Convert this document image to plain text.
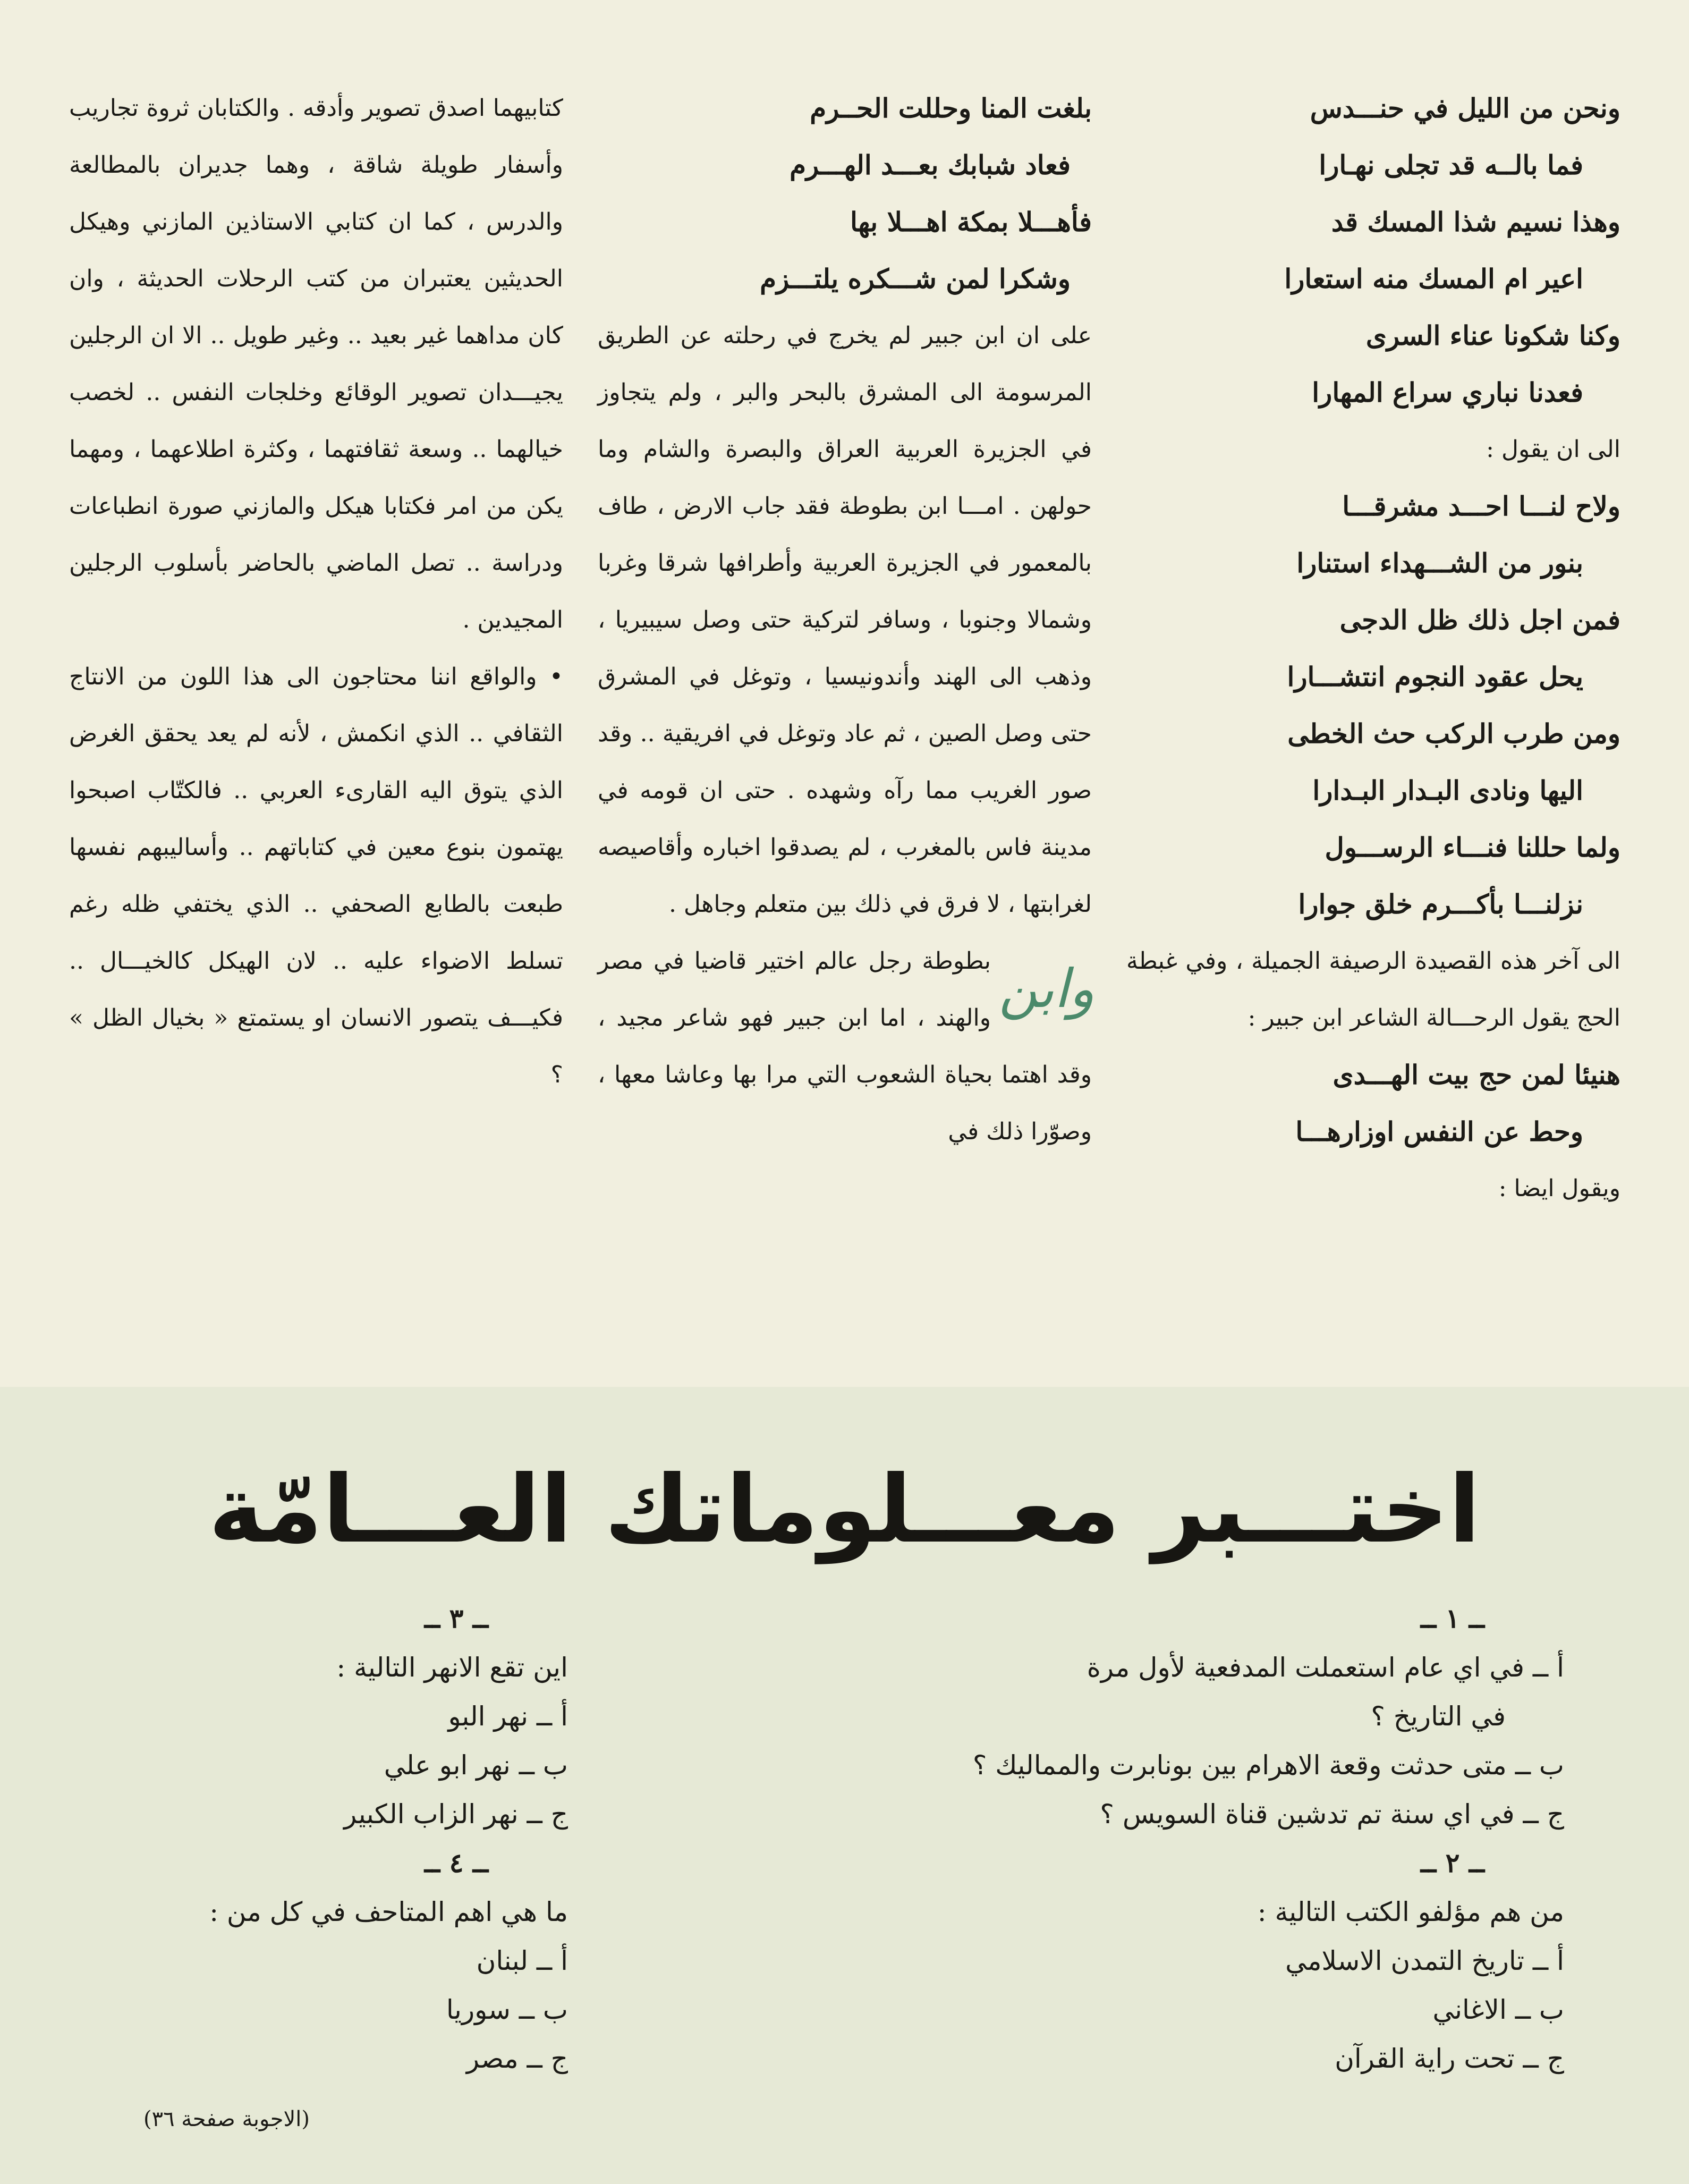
ونحن من الليل في حنـــدس

فما بالــه قد تجلى نهـارا

وهذا نسيم شذا المسك قد

اعير ام المسك منه استعارا

وكنا شكونا عناء السرى

فعدنا نباري سراع المهارا

الى ان يقول :

ولاح لنـــا احـــد مشرقـــا

بنور من الشـــهداء استنارا

فمن اجل ذلك ظل الدجى

يحل عقود النجوم انتشـــارا

ومن طرب الركب حث الخطى

اليها ونادى البـدار البـدارا

ولما حللنا فنـــاء الرســـول

نزلنـــا بأكـــرم خلق جوارا

الى آخر هذه القصيدة الرصيفة الجميلة ، وفي غبطة الحج يقول الرحـــالة الشاعر ابن جبير :

هنيئا لمن حج بيت الهـــدى

وحط عن النفس اوزارهـــا

ويقول ايضا :

بلغت المنا وحللت الحــرم

فعاد شبابك بعـــد الهـــرم

فأهـــلا بمكة اهـــلا بها

وشكرا لمن شـــكره يلتـــزم

على ان ابن جبير لم يخرج في رحلته عن الطريق المرسومة الى المشرق بالبحر والبر ، ولم يتجاوز في الجزيرة العربية العراق والبصرة والشام وما حولهن . امـــا ابن بطوطة فقد جاب الارض ، طاف بالمعمور في الجزيرة العربية وأطرافها شرقا وغربا وشمالا وجنوبا ، وسافر لتركية حتى وصل سيبيريا ، وذهب الى الهند وأندونيسيا ، وتوغل في المشرق حتى وصل الصين ، ثم عاد وتوغل في افريقية .. وقد صور الغريب مما رآه وشهده . حتى ان قومه في مدينة فاس بالمغرب ، لم يصدقوا اخباره وأقاصيصه لغرابتها ، لا فرق في ذلك بين متعلم وجاهل .

وابن
بطوطة رجل عالم اختير قاضيا في مصر والهند ، اما ابن جبير فهو شاعر مجيد ، وقد اهتما بحياة الشعوب التي مرا بها وعاشا معها ، وصوّرا ذلك في

كتابيهما اصدق تصوير وأدقه . والكتابان ثروة تجاريب وأسفار طويلة شاقة ، وهما جديران بالمطالعة والدرس ، كما ان كتابي الاستاذين المازني وهيكل الحديثين يعتبران من كتب الرحلات الحديثة ، وان كان مداهما غير بعيد .. وغير طويل .. الا ان الرجلين يجيـــدان تصوير الوقائع وخلجات النفس .. لخصب خيالهما .. وسعة ثقافتهما ، وكثرة اطلاعهما ، ومهما يكن من امر فكتابا هيكل والمازني صورة انطباعات ودراسة .. تصل الماضي بالحاضر بأسلوب الرجلين المجيدين .

• والواقع اننا محتاجون الى هذا اللون من الانتاج الثقافي .. الذي انكمش ، لأنه لم يعد يحقق الغرض الذي يتوق اليه القارىء العربي .. فالكتّاب اصبحوا يهتمون بنوع معين في كتاباتهم .. وأساليبهم نفسها طبعت بالطابع الصحفي .. الذي يختفي ظله رغم تسلط الاضواء عليه .. لان الهيكل كالخيـــال .. فكيـــف يتصور الانسان او يستمتع « بخيال الظل » ؟

اختـــبر معـــلوماتك العـــامّة

ــ ١ ــ

أ ــ في اي عام استعملت المدفعية لأول مرة

في التاريخ ؟

ب ــ متى حدثت وقعة الاهرام بين بونابرت والمماليك ؟

ج ــ في اي سنة تم تدشين قناة السويس ؟

ــ ٢ ــ

من هم مؤلفو الكتب التالية :

أ ــ تاريخ التمدن الاسلامي

ب ــ الاغاني

ج ــ تحت راية القرآن

ــ ٣ ــ

اين تقع الانهر التالية :

أ ــ نهر البو

ب ــ نهر ابو علي

ج ــ نهر الزاب الكبير

ــ ٤ ــ

ما هي اهم المتاحف في كل من :

أ ــ لبنان

ب ــ سوريا

ج ــ مصر

(الاجوبة صفحة ٣٦)
